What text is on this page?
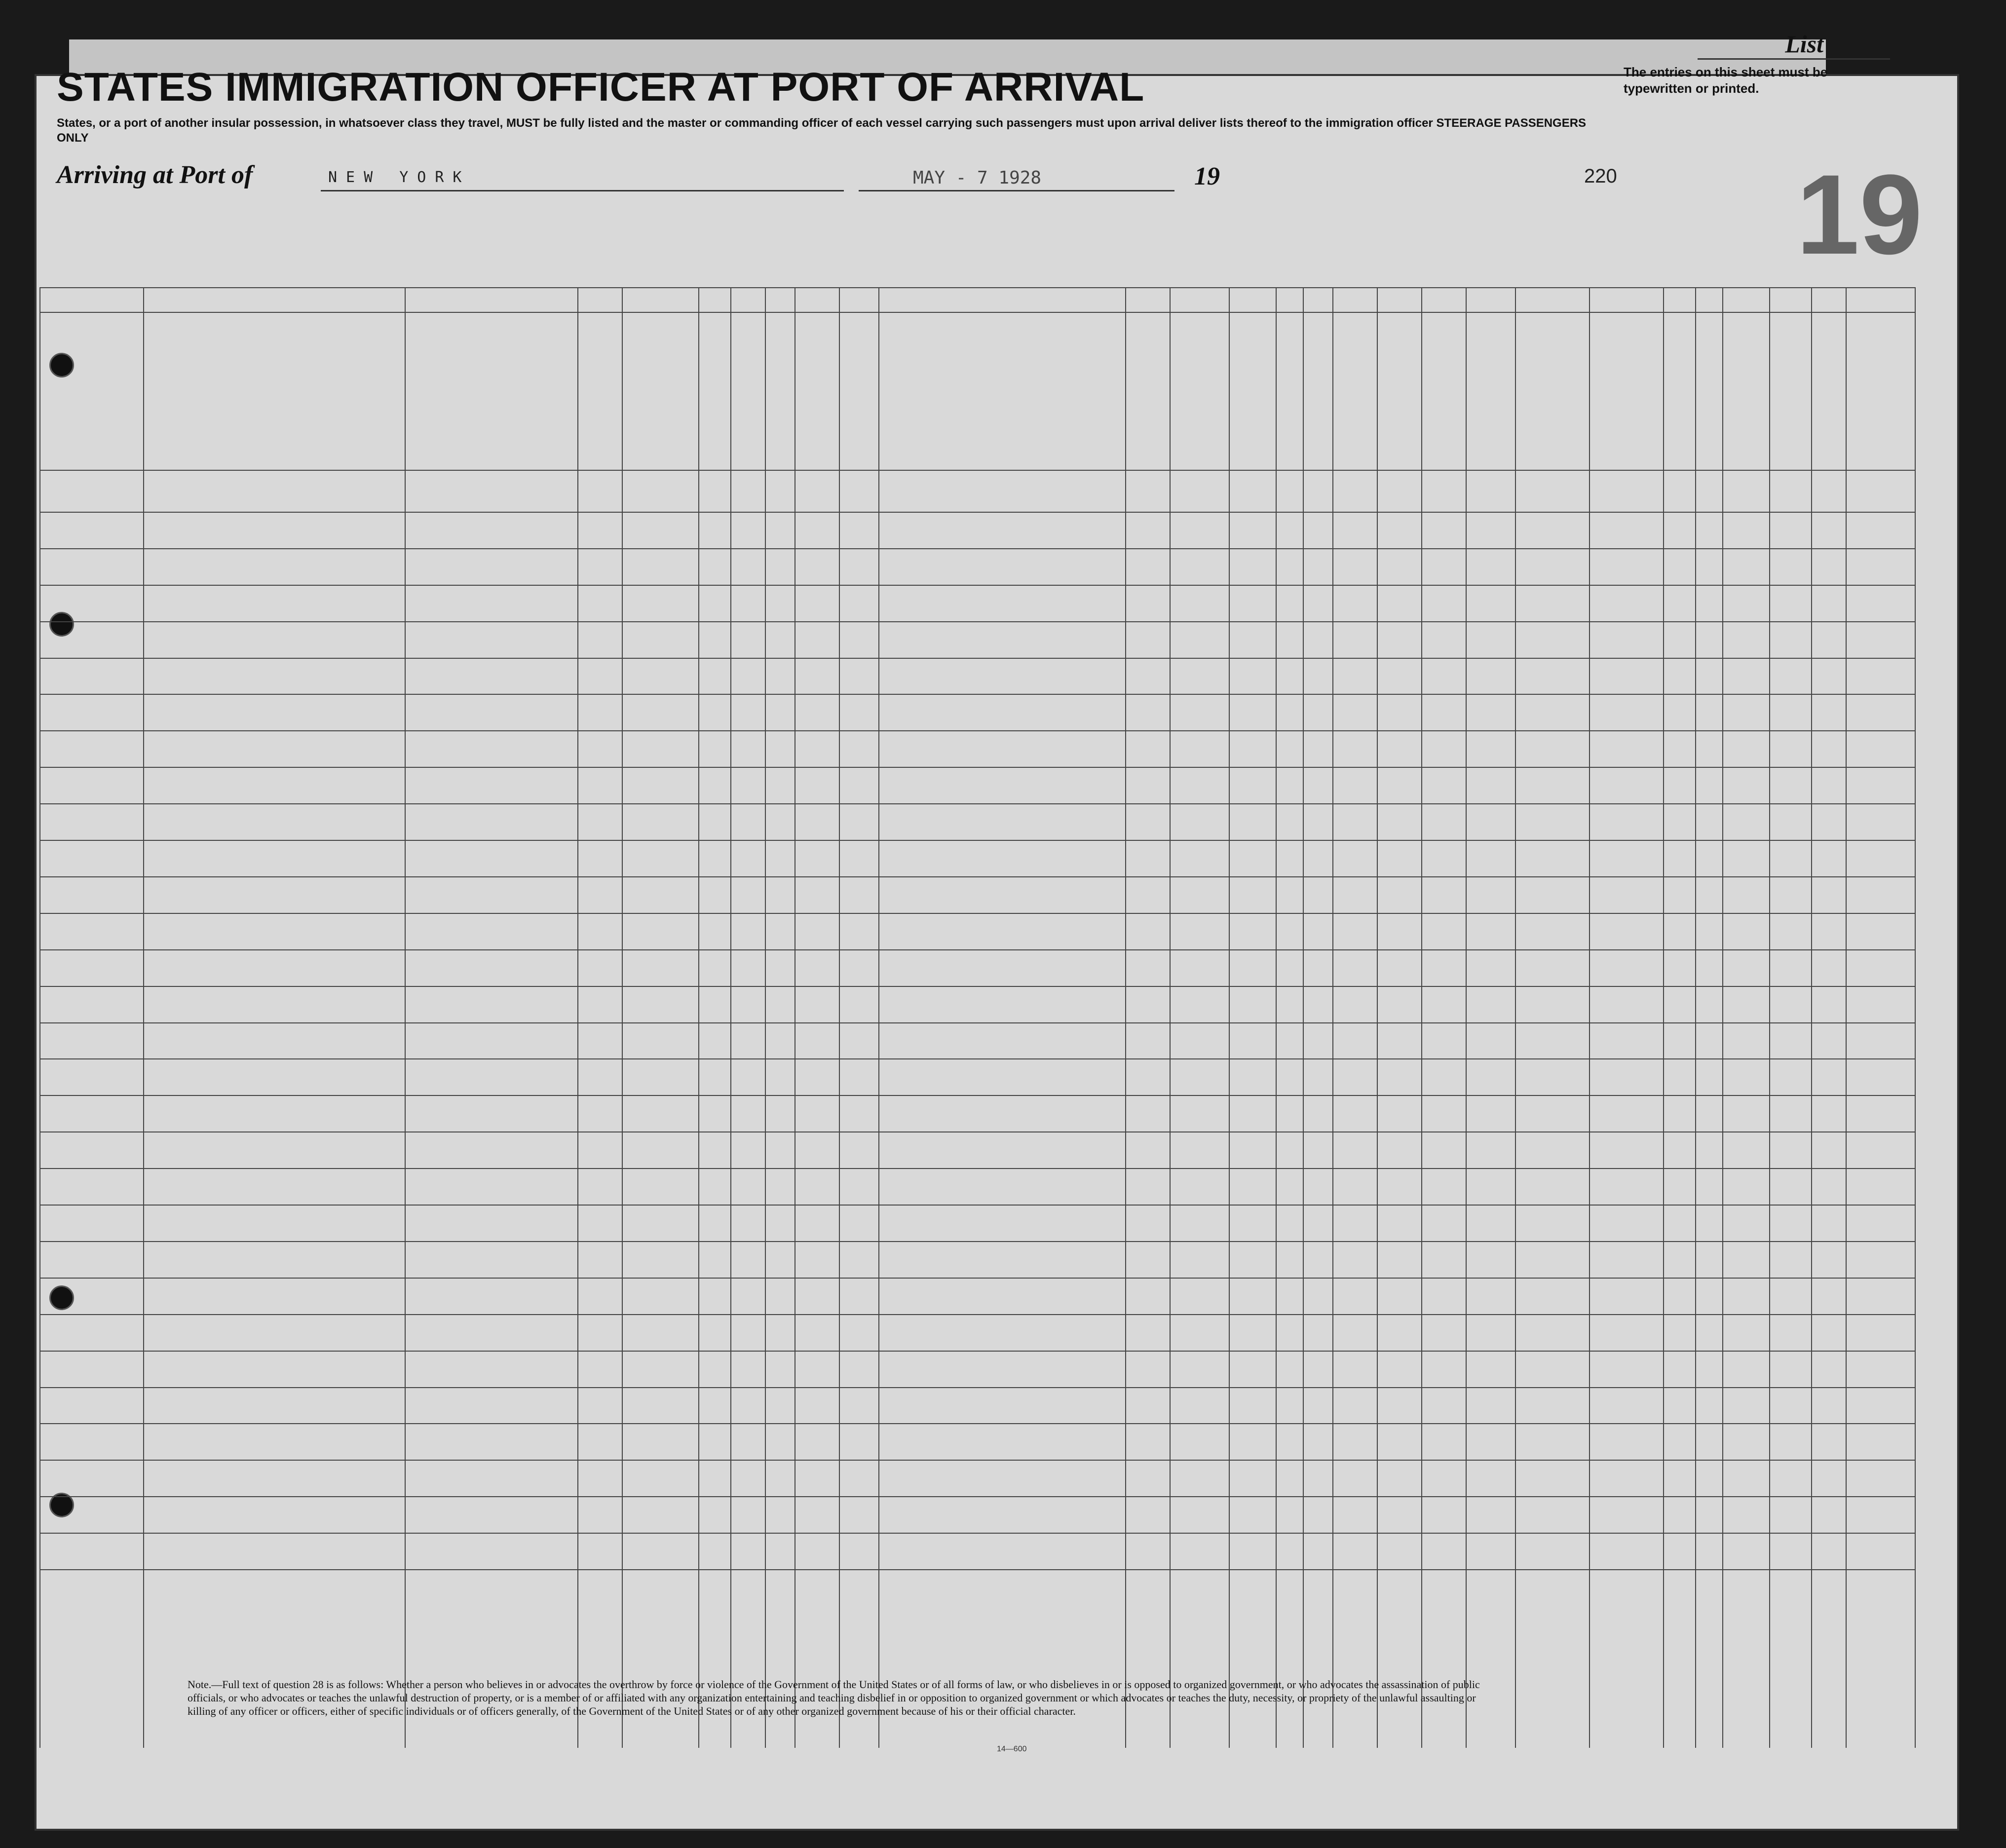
List
STATES IMMIGRATION OFFICER AT PORT OF ARRIVAL	The entries on this sheet must be typewritten or printed.
19
States, or a port of another insular possession, in whatsoever class they travel, MUST be fully listed and the master or commanding officer of each vessel carrying such passengers must upon arrival deliver lists thereof to the immigration officer STEERAGE PASSENGERS ONLY
Arriving at Port of	NEW YORK	MAY - 7 1928	19	220
Note.—Full text of question 28 is as follows: Whether a person who believes in or advocates the overthrow by force or violence of the Government of the United States or of all forms of law, or who disbelieves in or is opposed to organized government, or who advocates the assassination of public officials, or who advocates or teaches the unlawful destruction of property, or is a member of or affiliated with any organization entertaining and teaching disbelief in or opposition to organized government or which advocates or teaches the duty, necessity, or propriety of the unlawful assaulting or killing of any officer or officers, either of specific individuals or of officers generally, of the Government of the United States or of any other organized government because of his or their official character.
14—600
